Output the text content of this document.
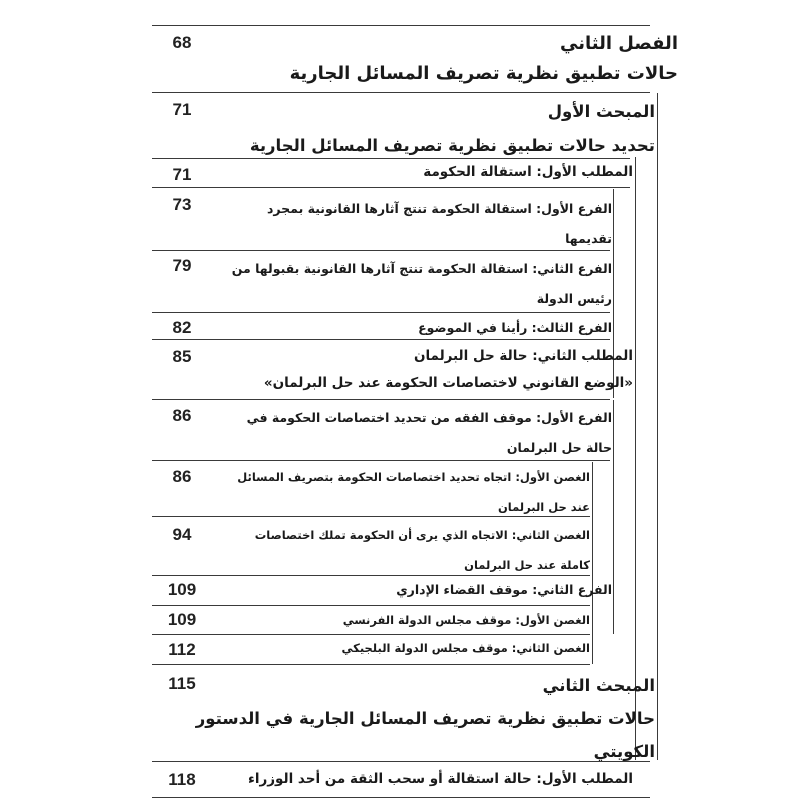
الفصل الثاني
حالات تطبيق نظرية تصريف المسائل الجارية
68
المبحث الأول
تحديد حالات تطبيق نظرية تصريف المسائل الجارية
71
المطلب الأول: استقالة الحكومة
71
الفرع الأول: استقالة الحكومة تنتج آثارها القانونية بمجرد
تقديمها
73
الفرع الثاني: استقالة الحكومة تنتج آثارها القانونية بقبولها من
رئيس الدولة
79
الفرع الثالث: رأينا في الموضوع
82
المطلب الثاني: حالة حل البرلمان
«الوضع القانوني لاختصاصات الحكومة عند حل البرلمان»
85
الفرع الأول: موقف الفقه من تحديد اختصاصات الحكومة في
حالة حل البرلمان
86
الغصن الأول: اتجاه تحديد اختصاصات الحكومة بتصريف المسائل
عند حل البرلمان
86
الغصن الثاني: الاتجاه الذي يرى أن الحكومة تملك اختصاصات
كاملة عند حل البرلمان
94
الفرع الثاني: موقف القضاء الإداري
109
الغصن الأول: موقف مجلس الدولة الفرنسي
109
الغصن الثاني: موقف مجلس الدولة البلجيكي
112
المبحث الثاني
حالات تطبيق نظرية تصريف المسائل الجارية في الدستور
الكويتي
115
المطلب الأول: حالة استقالة أو سحب الثقة من أحد الوزراء
118
